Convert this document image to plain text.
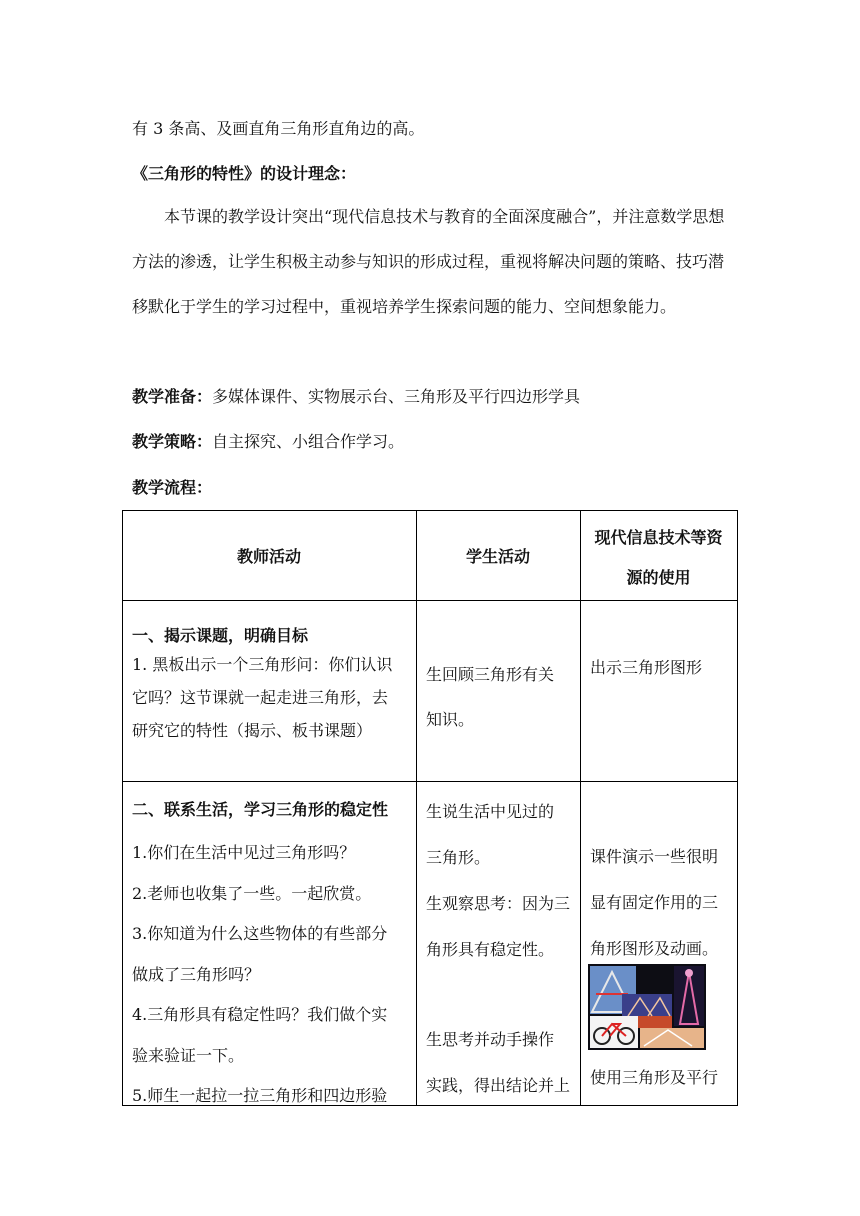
有 3 条高、及画直角三角形直角边的高。
《三角形的特性》的设计理念：
本节课的教学设计突出“现代信息技术与教育的全面深度融合”，并注意数学思想方法的渗透，让学生积极主动参与知识的形成过程，重视将解决问题的策略、技巧潜移默化于学生的学习过程中，重视培养学生探索问题的能力、空间想象能力。
教学准备：多媒体课件、实物展示台、三角形及平行四边形学具
教学策略：自主探究、小组合作学习。
教学流程：
教师活动	学生活动
现代信息技术等资
源的使用
一、揭示课题，明确目标
1. 黑板出示一个三角形问：你们认识
它吗？这节课就一起走进三角形，去
研究它的特性（揭示、板书课题）
生回顾三角形有关
知识。
出示三角形图形
二、联系生活，学习三角形的稳定性
1.你们在生活中见过三角形吗？
2.老师也收集了一些。一起欣赏。
3.你知道为什么这些物体的有些部分
做成了三角形吗？
4.三角形具有稳定性吗？我们做个实
验来验证一下。
5.师生一起拉一拉三角形和四边形验
生说生活中见过的
三角形。
生观察思考：因为三
角形具有稳定性。
生思考并动手操作
实践，得出结论并上
课件演示一些很明
显有固定作用的三
角形图形及动画。
使用三角形及平行
